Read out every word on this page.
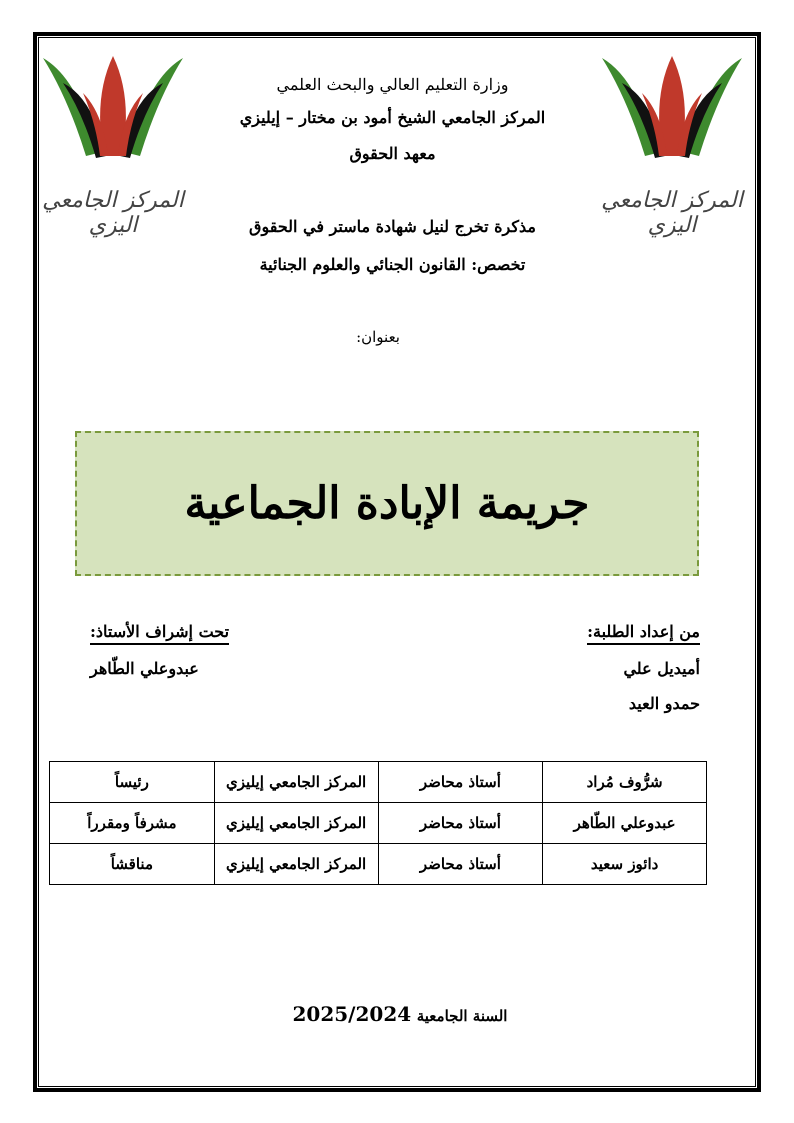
المركز الجامعي اليزي
المركز الجامعي اليزي
وزارة التعليم العالي والبحث العلمي
المركز الجامعي الشيخ أمود بن مختار – إيليزي
معهد الحقوق
مذكرة تخرج لنيل شهادة ماستر في الحقوق
تخصص: القانون الجنائي والعلوم الجنائية
بعنوان:
جريمة الإبادة الجماعية
من إعداد الطلبة:
تحت إشراف الأستاذ:
أميديل علي
حمدو العيد
عبدوعلي الطّاهر
شرُّوف مُراد	أستاذ محاضر	المركز الجامعي إيليزي	رئيساً
عبدوعلي الطّاهر	أستاذ محاضر	المركز الجامعي إيليزي	مشرفاً ومقرراً
دائوز سعيد	أستاذ محاضر	المركز الجامعي إيليزي	مناقشاً
السنة الجامعية 2025/2024
